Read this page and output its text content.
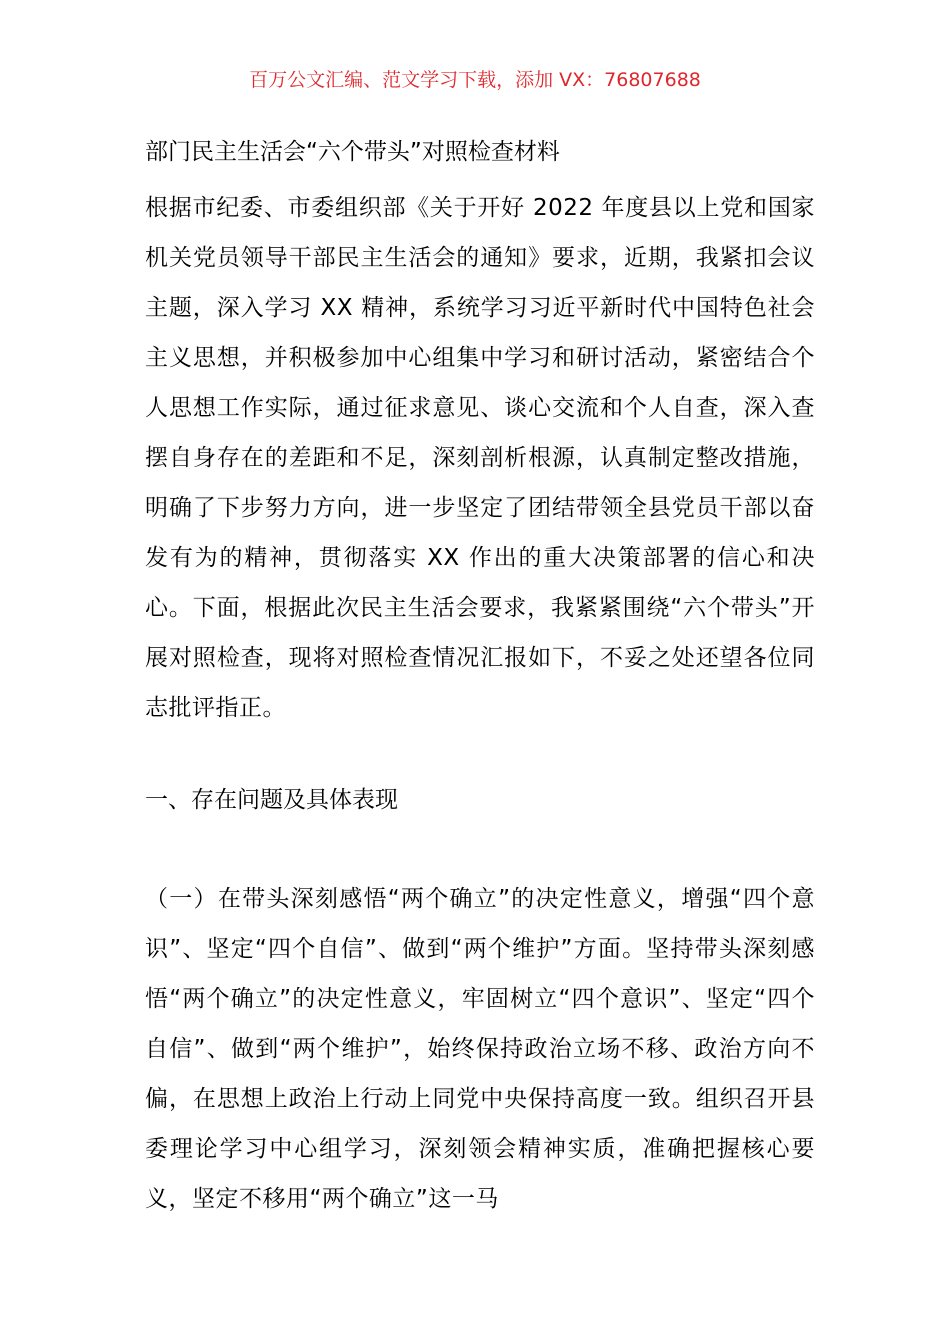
百万公文汇编、范文学习下载，添加 VX：76807688
部门民主生活会“六个带头”对照检查材料
根据市纪委、市委组织部《关于开好 2022 年度县以上党和国家机关党员领导干部民主生活会的通知》要求，近期，我紧扣会议主题，深入学习 XX 精神，系统学习习近平新时代中国特色社会主义思想，并积极参加中心组集中学习和研讨活动，紧密结合个人思想工作实际，通过征求意见、谈心交流和个人自查，深入查摆自身存在的差距和不足，深刻剖析根源，认真制定整改措施，明确了下步努力方向，进一步坚定了团结带领全县党员干部以奋发有为的精神，贯彻落实 XX 作出的重大决策部署的信心和决心。下面，根据此次民主生活会要求，我紧紧围绕“六个带头”开展对照检查，现将对照检查情况汇报如下，不妥之处还望各位同志批评指正。
一、存在问题及具体表现
（一）在带头深刻感悟“两个确立”的决定性意义，增强“四个意识”、坚定“四个自信”、做到“两个维护”方面。坚持带头深刻感悟“两个确立”的决定性意义，牢固树立“四个意识”、坚定“四个自信”、做到“两个维护”，始终保持政治立场不移、政治方向不偏，在思想上政治上行动上同党中央保持高度一致。组织召开县委理论学习中心组学习，深刻领会精神实质，准确把握核心要义，坚定不移用“两个确立”这一马
